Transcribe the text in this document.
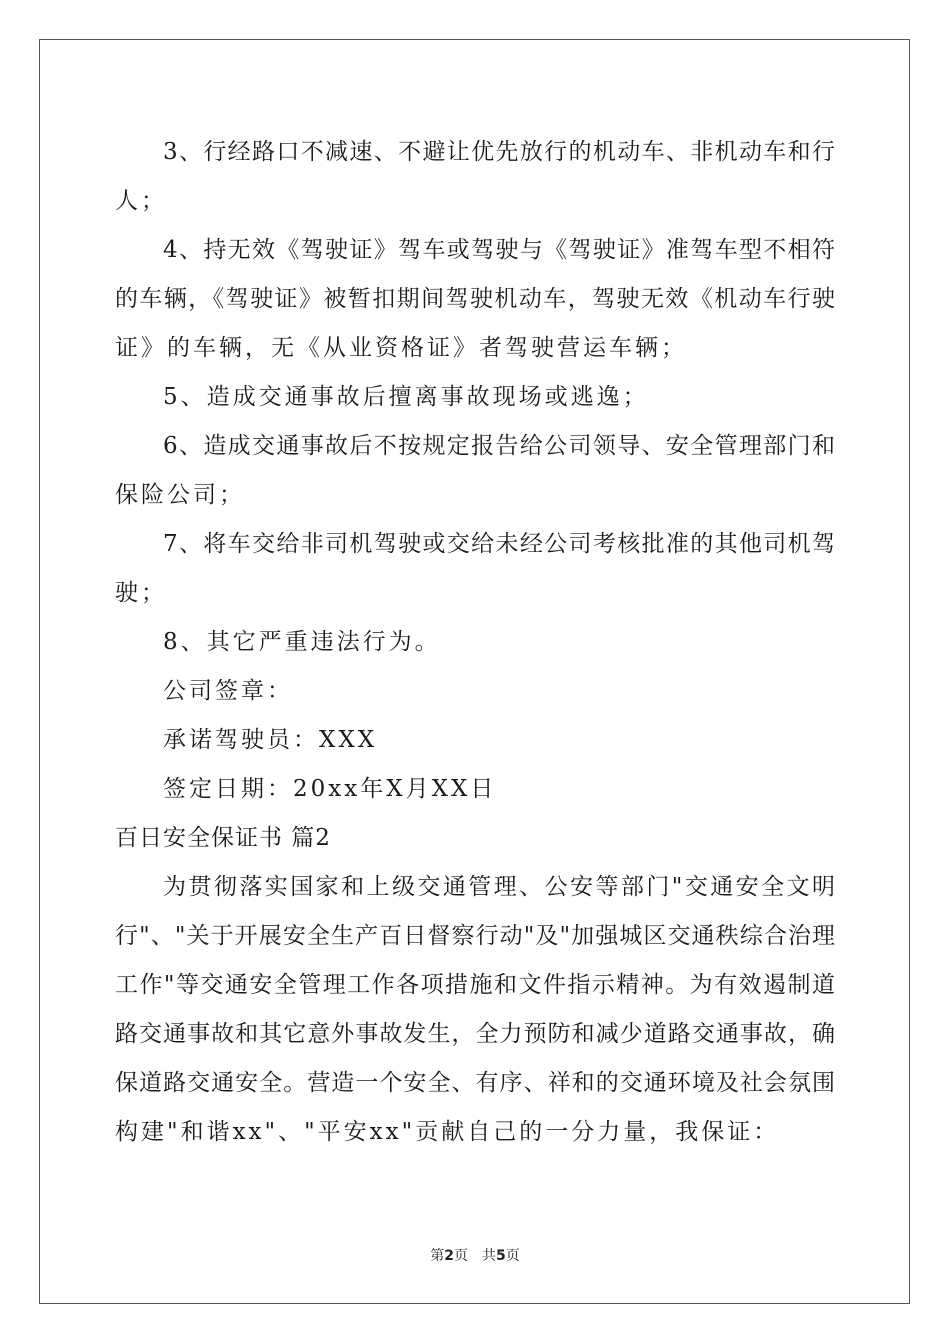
3、行经路口不减速、不避让优先放行的机动车、非机动车和行
人；
4、持无效《驾驶证》驾车或驾驶与《驾驶证》准驾车型不相符
的车辆，《驾驶证》被暂扣期间驾驶机动车，驾驶无效《机动车行驶
证》的车辆，无《从业资格证》者驾驶营运车辆；
5、造成交通事故后擅离事故现场或逃逸；
6、造成交通事故后不按规定报告给公司领导、安全管理部门和
保险公司；
7、将车交给非司机驾驶或交给未经公司考核批准的其他司机驾
驶；
8、其它严重违法行为。
公司签章：
承诺驾驶员：XXX
签定日期：20xx年X月XX日
百日安全保证书 篇2
为贯彻落实国家和上级交通管理、公安等部门"交通安全文明
行"、"关于开展安全生产百日督察行动"及"加强城区交通秩综合治理
工作"等交通安全管理工作各项措施和文件指示精神。为有效遏制道
路交通事故和其它意外事故发生，全力预防和减少道路交通事故，确
保道路交通安全。营造一个安全、有序、祥和的交通环境及社会氛围
构建"和谐xx"、"平安xx"贡献自己的一分力量，我保证：
第2页　共5页
